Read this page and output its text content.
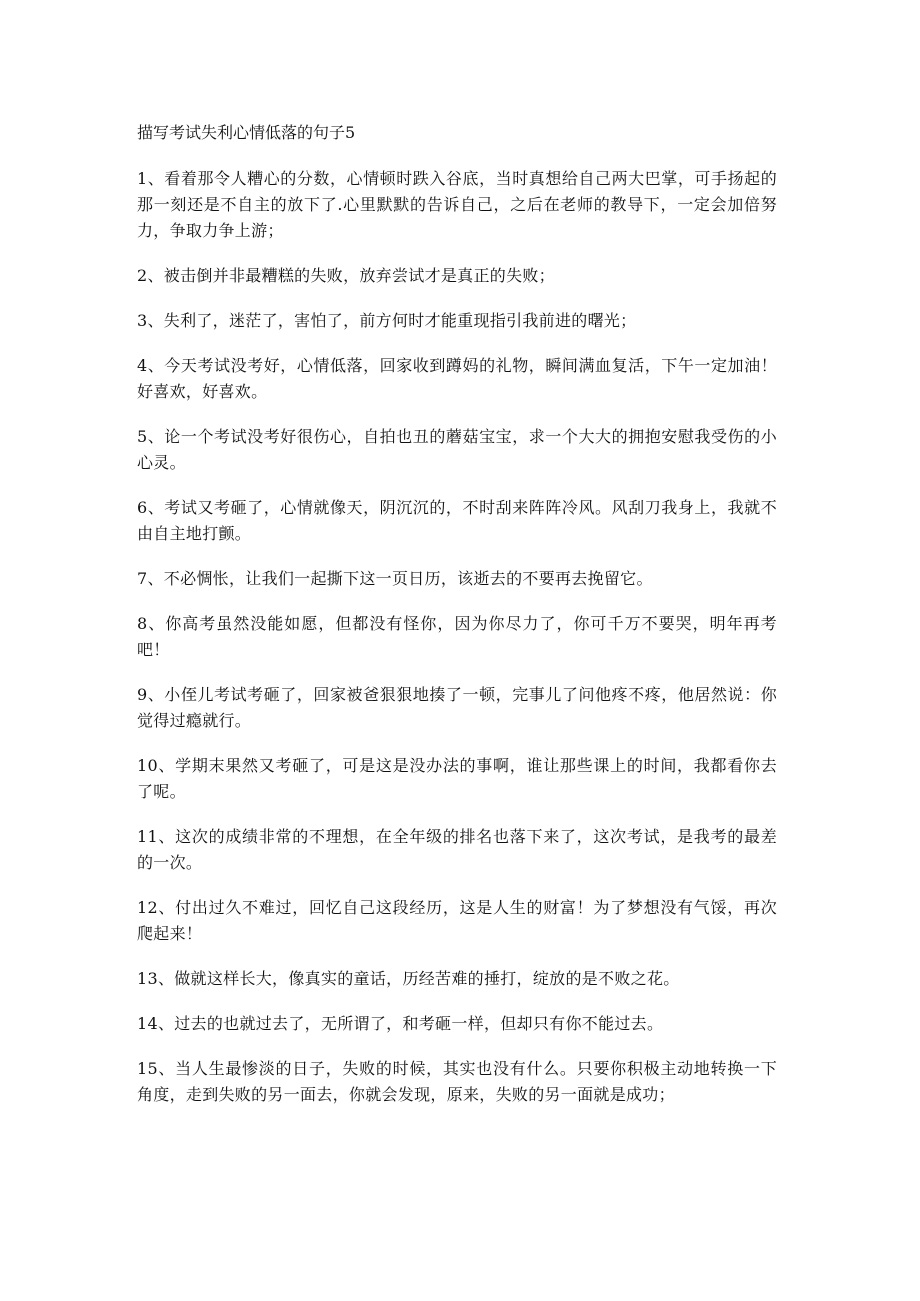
描写考试失利心情低落的句子5
1、看着那令人糟心的分数，心情顿时跌入谷底，当时真想给自己两大巴掌，可手扬起的那一刻还是不自主的放下了.心里默默的告诉自己，之后在老师的教导下，一定会加倍努力，争取力争上游；
2、被击倒并非最糟糕的失败，放弃尝试才是真正的失败；
3、失利了，迷茫了，害怕了，前方何时才能重现指引我前进的曙光；
4、今天考试没考好，心情低落，回家收到蹲妈的礼物，瞬间满血复活，下午一定加油！好喜欢，好喜欢。
5、论一个考试没考好很伤心，自拍也丑的蘑菇宝宝，求一个大大的拥抱安慰我受伤的小心灵。
6、考试又考砸了，心情就像天，阴沉沉的，不时刮来阵阵冷风。风刮刀我身上，我就不由自主地打颤。
7、不必惆怅，让我们一起撕下这一页日历，该逝去的不要再去挽留它。
8、你高考虽然没能如愿，但都没有怪你，因为你尽力了，你可千万不要哭，明年再考吧！
9、小侄儿考试考砸了，回家被爸狠狠地揍了一顿，完事儿了问他疼不疼，他居然说：你觉得过瘾就行。
10、学期末果然又考砸了，可是这是没办法的事啊，谁让那些课上的时间，我都看你去了呢。
11、这次的成绩非常的不理想，在全年级的排名也落下来了，这次考试，是我考的最差的一次。
12、付出过久不难过，回忆自己这段经历，这是人生的财富！为了梦想没有气馁，再次爬起来！
13、做就这样长大，像真实的童话，历经苦难的捶打，绽放的是不败之花。
14、过去的也就过去了，无所谓了，和考砸一样，但却只有你不能过去。
15、当人生最惨淡的日子，失败的时候，其实也没有什么。只要你积极主动地转换一下角度，走到失败的另一面去，你就会发现，原来，失败的另一面就是成功；
